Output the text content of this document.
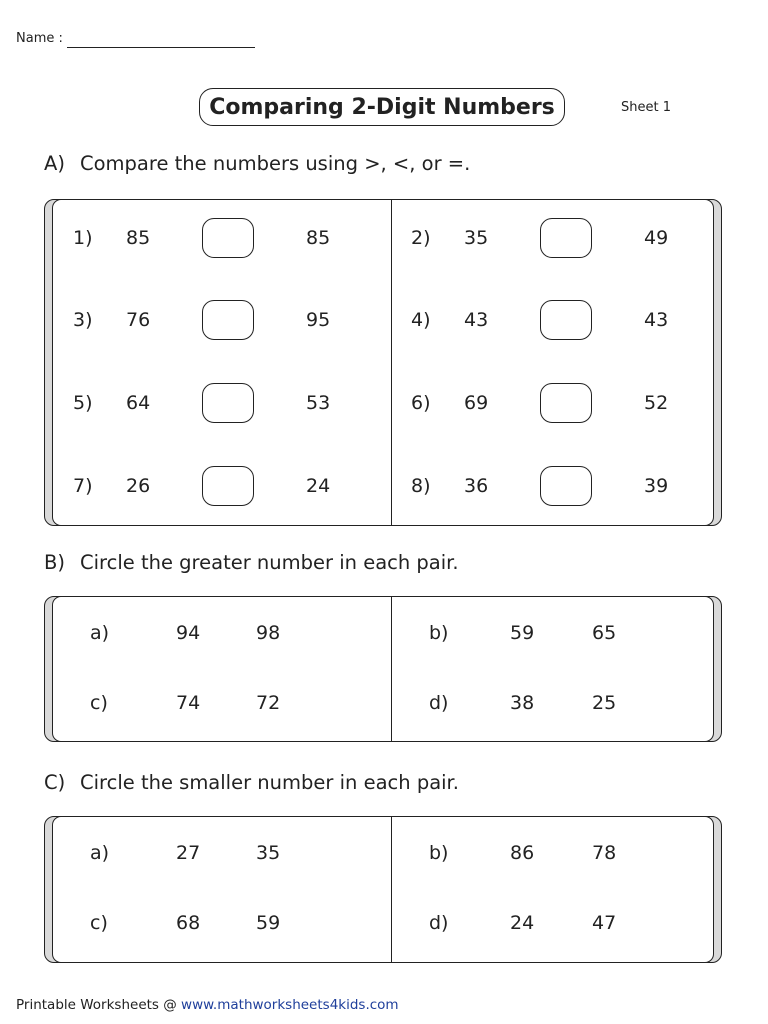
Name :
Comparing 2-Digit Numbers	Sheet 1
A) Compare the numbers using >, <, or =.
1) 85	85	2) 35	49
3) 76	95	4) 43	43
5) 64	53	6) 69	52
7) 26	24	8) 36	39
B) Circle the greater number in each pair.
a)	94	98	b)	59	65
c)	74	72	d)	38	25
C) Circle the smaller number in each pair.
a)	27	35	b)	86	78
c)	68	59	d)	24	47
Printable Worksheets @ www.mathworksheets4kids.com
